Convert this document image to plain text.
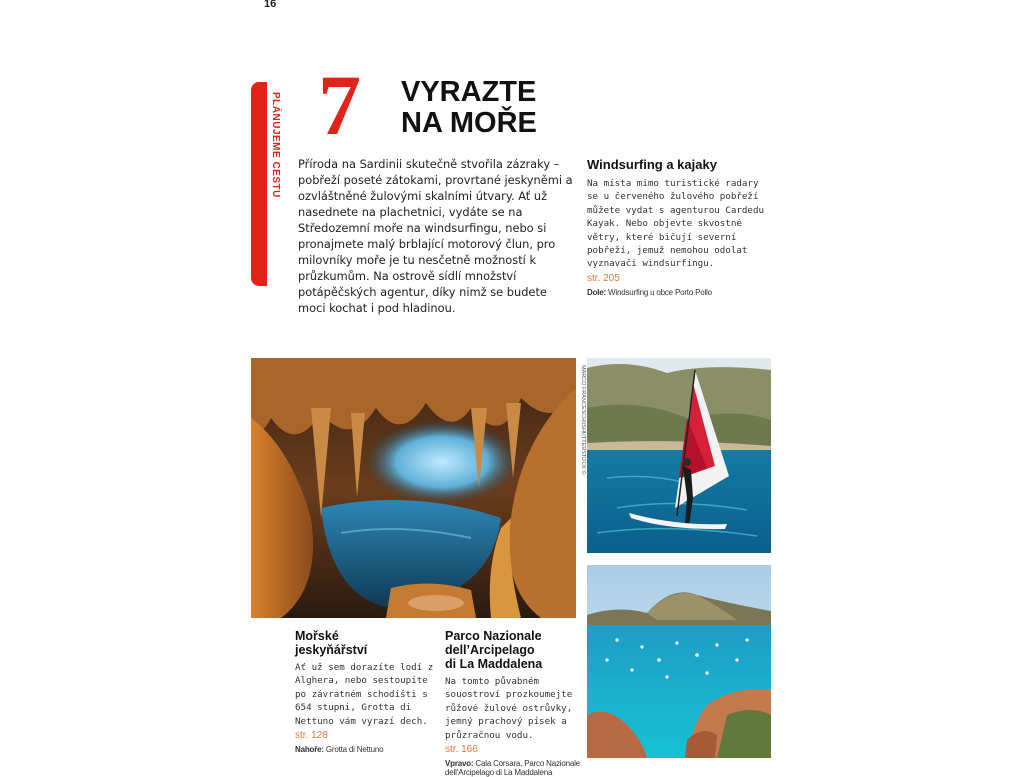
16
PLÁNUJEME CESTU 7 VYRAZTE
NA MOŘE

Příroda na Sardinii skutečně stvořila zázraky – pobřeží poseté zátokami, provrtané jeskyněmi a ozvláštněné žulovými skalními útvary. Ať už nasednete na plachetnici, vydáte se na Středozemní moře na windsurfingu, nebo si pronajmete malý brblající motorový člun, pro milovníky moře je tu nesčetně možností k průzkumům. Na ostrově sídlí množství potápěčských agentur, díky nimž se budete moci kochat i pod hladinou.

Windsurfing a kajaky

Na místa mimo turistické radary se u červeného žulového pobřeží můžete vydat s agenturou Cardedu Kayak. Nebo objevte skvostné větry, které bičují severní pobřeží, jemuž nemohou odolat vyznavači windsurfingu.
str. 205

Dole: Windsurfing u obce Porto Pollo
MARCO FRANCESCHI/SHUTTERSTOCK ©
Mořské
jeskyňářství

Ať už sem dorazíte lodí z Alghera, nebo sestoupíte po závratném schodišti s 654 stupni, Grotta di Nettuno vám vyrazí dech.
str. 128

Nahoře: Grotta di Nettuno
Parco Nazionale
dell’Arcipelago
di La Maddalena

Na tomto půvabném souostroví prozkoumejte růžové žulové ostrůvky, jemný prachový písek a průzračnou vodu.
str. 166

Vpravo: Cala Corsara, Parco Nazionale dell’Arcipelago di La Maddalena
